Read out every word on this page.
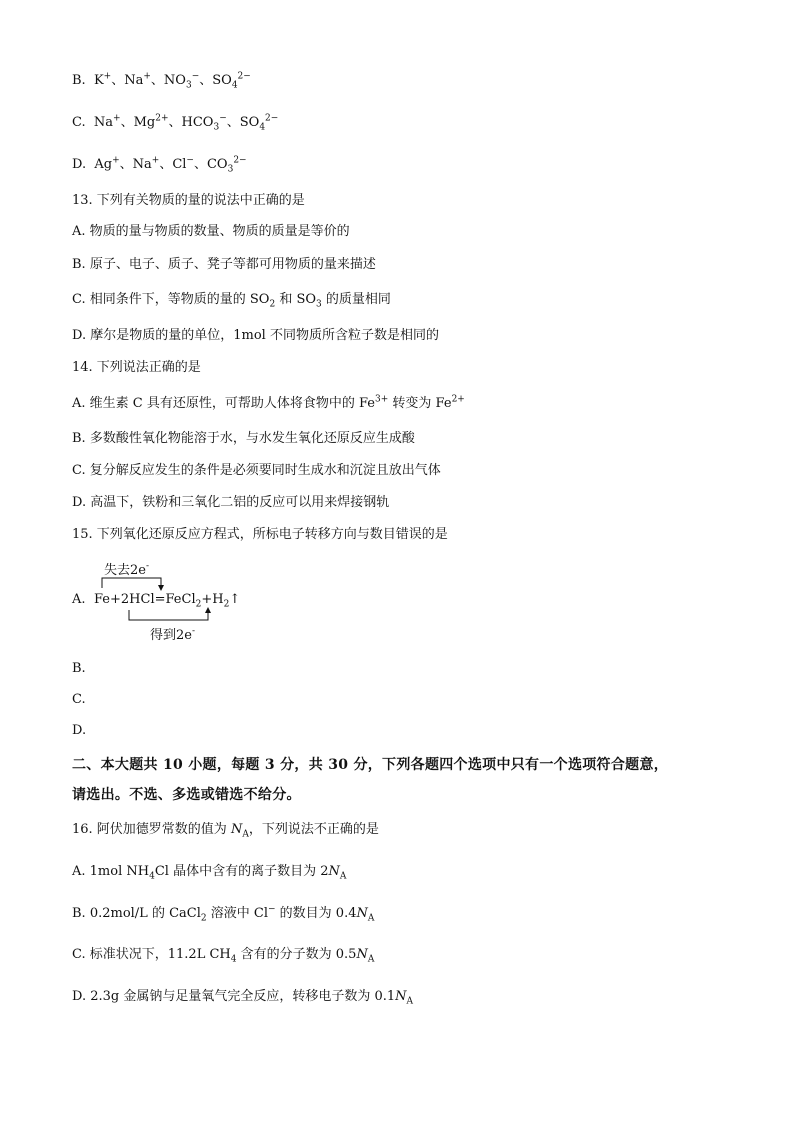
B. K+、Na+、$NO_3^-$、$SO_4^{2-}$
C. Na+、$Mg^{2+}$、$HCO_3^-$、$SO_4^{2-}$
D. Ag+、Na+、Cl−、$CO_3^{2-}$
13. 下列有关物质的量的说法中正确的是
A. 物质的量与物质的数量、物质的质量是等价的
B. 原子、电子、质子、凳子等都可用物质的量来描述
C. 相同条件下，等物质的量的 $SO_2$ 和 $SO_3$ 的质量相同
D. 摩尔是物质的量的单位，1mol 不同物质所含粒子数是相同的
14. 下列说法正确的是
A. 维生素 C 具有还原性，可帮助人体将食物中的 $Fe^{3+}$ 转变为 $Fe^{2+}$
B. 多数酸性氧化物能溶于水，与水发生氧化还原反应生成酸
C. 复分解反应发生的条件是必须要同时生成水和沉淀且放出气体
D. 高温下，铁粉和三氧化二铝的反应可以用来焊接钢轨
15. 下列氧化还原反应方程式，所标电子转移方向与数目错误的是
失去2e-
A. $Fe+2HCl=FeCl_2+H_2↑$
得到2e-
B.
C.
D.
二、本大题共 10 小题，每题 3 分，共 30 分，下列各题四个选项中只有一个选项符合题意，
请选出。不选、多选或错选不给分。
16. 阿伏加德罗常数的值为 $N_A$，下列说法不正确的是
A. 1mol $NH_4Cl$ 晶体中含有的离子数目为 $2N_A$
B. 0.2mol/L 的 CaCl$_2$ 溶液中 Cl− 的数目为 $0.4N_A$
C. 标准状况下，11.2L $CH_4$ 含有的分子数为 $0.5N_A$
D. 2.3g 金属钠与足量氧气完全反应，转移电子数为 $0.1N_A$
